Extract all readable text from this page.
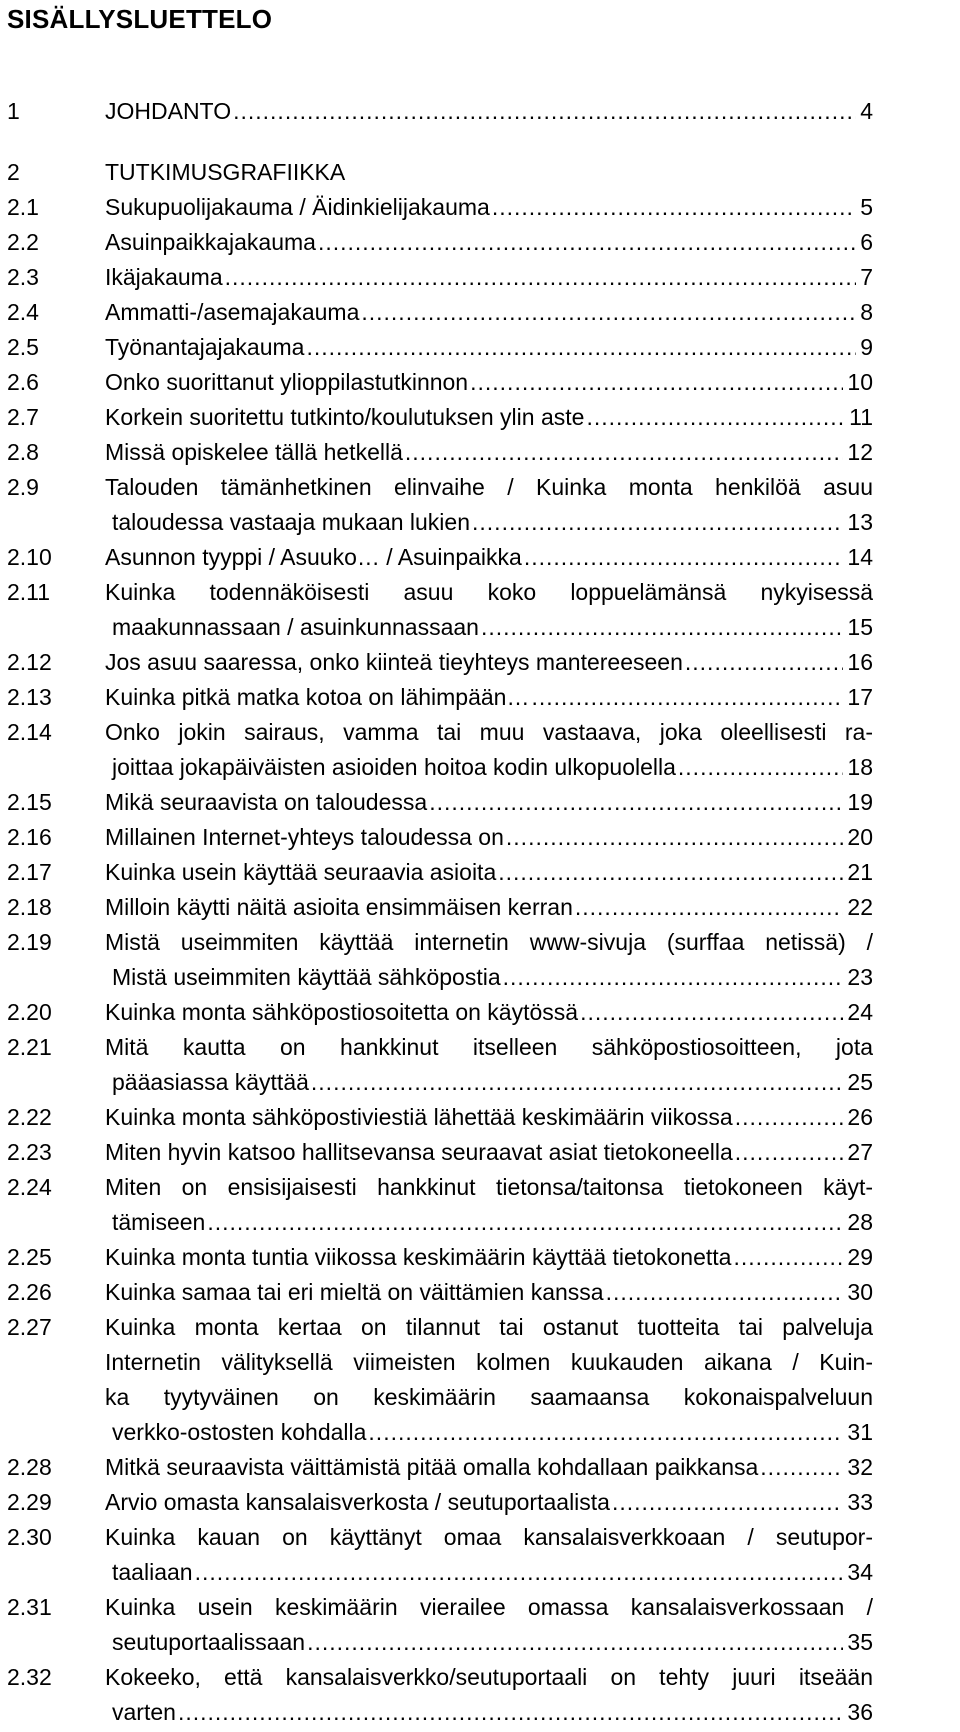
SISÄLLYSLUETTELO
1	JOHDANTO .....	4
2	TUTKIMUSGRAFIIKKA
2.1	Sukupuolijakauma / Äidinkielijakauma .....	5
2.2	Asuinpaikkajakauma .....	6
2.3	Ikäjakauma .....	7
2.4	Ammatti-/asemajakauma .....	8
2.5	Työnantajajakauma .....	9
2.6	Onko suorittanut ylioppilastutkinnon .....	10
2.7	Korkein suoritettu tutkinto/koulutuksen ylin aste .....	11
2.8	Missä opiskelee tällä hetkellä .....	12
2.9	Talouden tämänhetkinen elinvaihe / Kuinka monta henkilöä asuu
taloudessa vastaaja mukaan lukien .....	13
2.10 Asunnon tyyppi / Asuuko… / Asuinpaikka .....	14
2.11 Kuinka todennäköisesti asuu koko loppuelämänsä nykyisessä
maakunnassaan / asuinkunnassaan .....	15
2.12 Jos asuu saaressa, onko kiinteä tieyhteys mantereeseen .....	16
2.13 Kuinka pitkä matka kotoa on lähimpään… .....	17
2.14 Onko jokin sairaus, vamma tai muu vastaava, joka oleellisesti ra-
joittaa jokapäiväisten asioiden hoitoa kodin ulkopuolella .....	18
2.15 Mikä seuraavista on taloudessa .....	19
2.16 Millainen Internet-yhteys taloudessa on .....	20
2.17 Kuinka usein käyttää seuraavia asioita .....	21
2.18 Milloin käytti näitä asioita ensimmäisen kerran .....	22
2.19 Mistä useimmiten käyttää internetin www-sivuja (surffaa netissä) /
Mistä useimmiten käyttää sähköpostia .....	23
2.20 Kuinka monta sähköpostiosoitetta on käytössä .....	24
2.21 Mitä kautta on hankkinut itselleen sähköpostiosoitteen, jota
pääasiassa käyttää .....	25
2.22 Kuinka monta sähköpostiviestiä lähettää keskimäärin viikossa .....	26
2.23 Miten hyvin katsoo hallitsevansa seuraavat asiat tietokoneella .....	27
2.24 Miten on ensisijaisesti hankkinut tietonsa/taitonsa tietokoneen käyt-
tämiseen .....	28
2.25 Kuinka monta tuntia viikossa keskimäärin käyttää tietokonetta .....	29
2.26 Kuinka samaa tai eri mieltä on väittämien kanssa .....	30
2.27 Kuinka monta kertaa on tilannut tai ostanut tuotteita tai palveluja
Internetin välityksellä viimeisten kolmen kuukauden aikana / Kuin-
ka tyytyväinen on keskimäärin saamaansa kokonaispalveluun
verkko-ostosten kohdalla .....	31
2.28 Mitkä seuraavista väittämistä pitää omalla kohdallaan paikkansa .....	32
2.29 Arvio omasta kansalaisverkosta / seutuportaalista .....	33
2.30 Kuinka kauan on käyttänyt omaa kansalaisverkkoaan / seutupor-
taaliaan .....	34
2.31 Kuinka usein keskimäärin vierailee omassa kansalaisverkossaan /
seutuportaalissaan .....	35
2.32 Kokeeko, että kansalaisverkko/seutuportaali on tehty juuri itseään
varten .....	36
